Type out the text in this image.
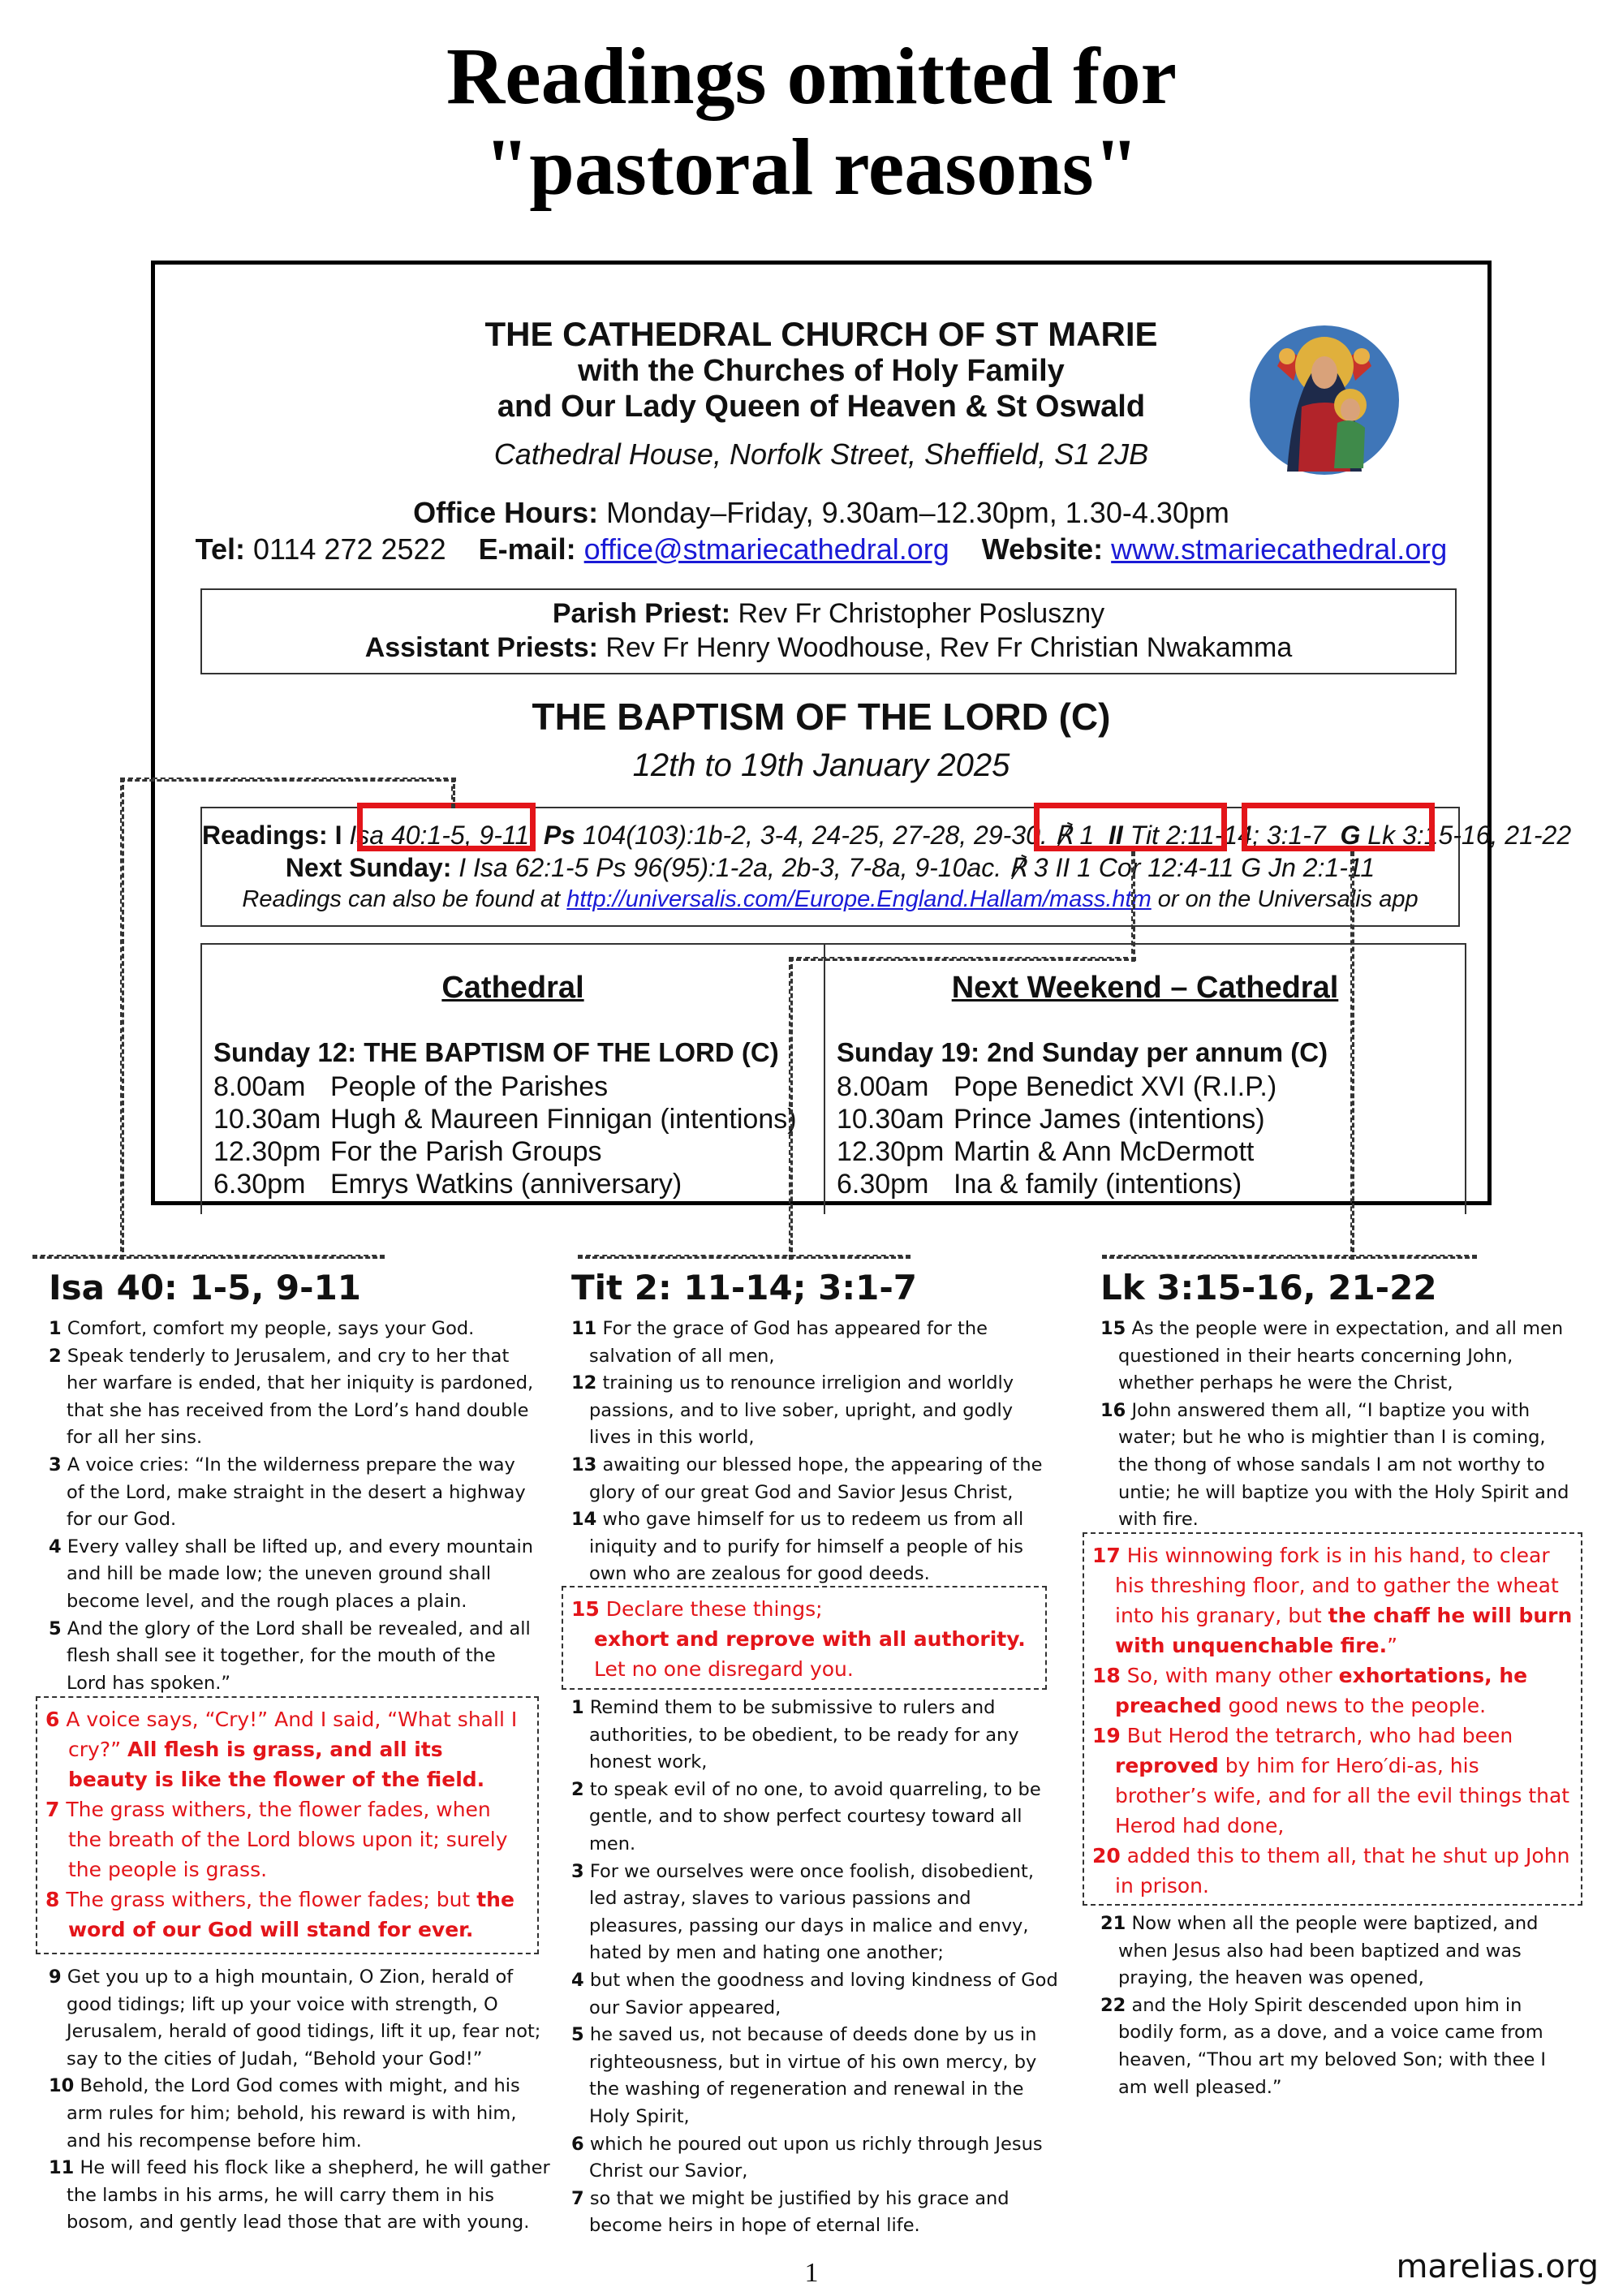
Readings omitted for
"pastoral reasons"
THE CATHEDRAL CHURCH OF ST MARIE
with the Churches of Holy Family
and Our Lady Queen of Heaven & St Oswald
Cathedral House, Norfolk Street, Sheffield, S1 2JB
Office Hours: Monday–Friday, 9.30am–12.30pm, 1.30-4.30pm
Tel: 0114 272 2522 E-mail: office@stmariecathedral.org Website: www.stmariecathedral.org
Parish Priest: Rev Fr Christopher Posluszny
Assistant Priests: Rev Fr Henry Woodhouse, Rev Fr Christian Nwakamma
THE BAPTISM OF THE LORD (C)
12th to 19th January 2025
Readings: I Isa 40:1-5, 9-11 Ps 104(103):1b-2, 3-4, 24-25, 27-28, 29-30. ℟ 1 II Tit 2:11-14; 3:1-7 G Lk 3:15-16, 21-22
Next Sunday: I Isa 62:1-5 Ps 96(95):1-2a, 2b-3, 7-8a, 9-10ac. ℟ 3 II 1 Cor 12:4-11 G Jn 2:1-11
Readings can also be found at http://universalis.com/Europe.England.Hallam/mass.htm or on the Universalis app
Cathedral
Sunday 12: THE BAPTISM OF THE LORD (C)
8.00am People of the Parishes
10.30am Hugh & Maureen Finnigan (intentions)
12.30pm For the Parish Groups
6.30pm Emrys Watkins (anniversary)
Next Weekend – Cathedral
Sunday 19: 2nd Sunday per annum (C)
8.00am Pope Benedict XVI (R.I.P.)
10.30am Prince James (intentions)
12.30pm Martin & Ann McDermott
6.30pm Ina & family (intentions)
Isa 40: 1-5, 9-11

1 Comfort, comfort my people, says your God.

2 Speak tenderly to Jerusalem, and cry to her that her warfare is ended, that her iniquity is pardoned, that she has received from the Lord’s hand double for all her sins.

3 A voice cries: “In the wilderness prepare the way of the Lord, make straight in the desert a highway for our God.

4 Every valley shall be lifted up, and every mountain and hill be made low; the uneven ground shall become level, and the rough places a plain.

5 And the glory of the Lord shall be revealed, and all flesh shall see it together, for the mouth of the Lord has spoken.”

6 A voice says, “Cry!” And I said, “What shall I cry?” All flesh is grass, and all its beauty is like the flower of the field.

7 The grass withers, the flower fades, when the breath of the Lord blows upon it; surely the people is grass.

8 The grass withers, the flower fades; but the word of our God will stand for ever.

9 Get you up to a high mountain, O Zion, herald of good tidings; lift up your voice with strength, O Jerusalem, herald of good tidings, lift it up, fear not; say to the cities of Judah, “Behold your God!”

10 Behold, the Lord God comes with might, and his arm rules for him; behold, his reward is with him, and his recompense before him.

11 He will feed his flock like a shepherd, he will gather the lambs in his arms, he will carry them in his bosom, and gently lead those that are with young.

Tit 2: 11-14; 3:1-7

11 For the grace of God has appeared for the salvation of all men,

12 training us to renounce irreligion and worldly passions, and to live sober, upright, and godly lives in this world,

13 awaiting our blessed hope, the appearing of the glory of our great God and Savior Jesus Christ,

14 who gave himself for us to redeem us from all iniquity and to purify for himself a people of his own who are zealous for good deeds.

15 Declare these things;
exhort and reprove with all authority.
Let no one disregard you.

1 Remind them to be submissive to rulers and authorities, to be obedient, to be ready for any honest work,

2 to speak evil of no one, to avoid quarreling, to be gentle, and to show perfect courtesy toward all men.

3 For we ourselves were once foolish, disobedient, led astray, slaves to various passions and pleasures, passing our days in malice and envy, hated by men and hating one another;

4 but when the goodness and loving kindness of God our Savior appeared,

5 he saved us, not because of deeds done by us in righteousness, but in virtue of his own mercy, by the washing of regeneration and renewal in the Holy Spirit,

6 which he poured out upon us richly through Jesus Christ our Savior,

7 so that we might be justified by his grace and become heirs in hope of eternal life.

Lk 3:15-16, 21-22

15 As the people were in expectation, and all men questioned in their hearts concerning John, whether perhaps he were the Christ,

16 John answered them all, “I baptize you with water; but he who is mightier than I is coming, the thong of whose sandals I am not worthy to untie; he will baptize you with the Holy Spirit and with fire.

17 His winnowing fork is in his hand, to clear his threshing floor, and to gather the wheat into his granary, but the chaff he will burn with unquenchable fire.”

18 So, with many other exhortations, he preached good news to the people.

19 But Herod the tetrarch, who had been reproved by him for Hero′di-as, his brother’s wife, and for all the evil things that Herod had done,

20 added this to them all, that he shut up John in prison.

21 Now when all the people were baptized, and when Jesus also had been baptized and was praying, the heaven was opened,

22 and the Holy Spirit descended upon him in bodily form, as a dove, and a voice came from heaven, “Thou art my beloved Son; with thee I am well pleased.”

1	marelias.org
